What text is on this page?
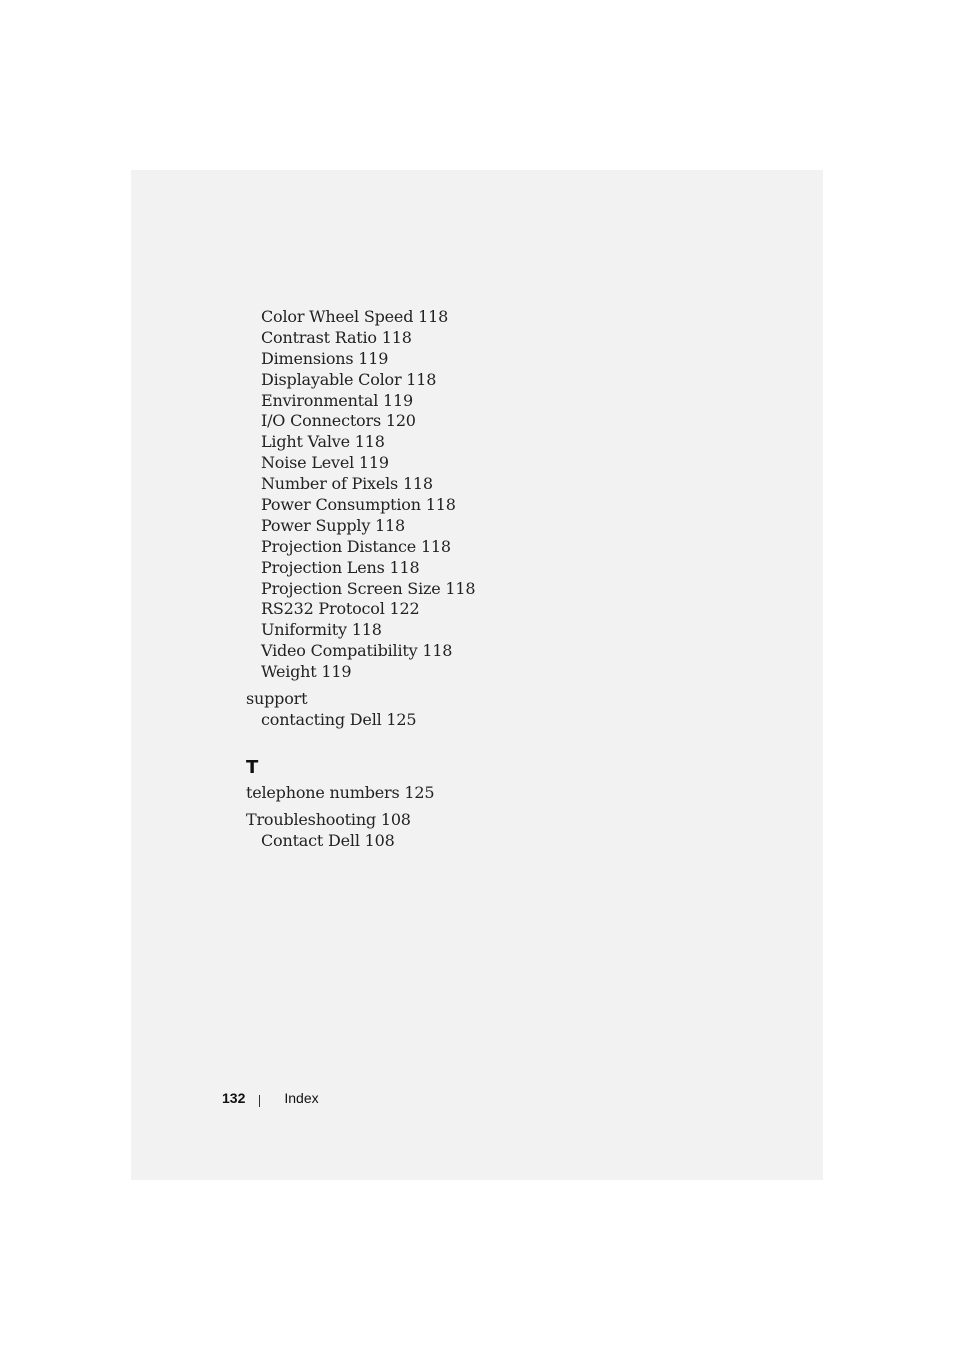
Color Wheel Speed 118
Contrast Ratio 118
Dimensions 119
Displayable Color 118
Environmental 119
I/O Connectors 120
Light Valve 118
Noise Level 119
Number of Pixels 118
Power Consumption 118
Power Supply 118
Projection Distance 118
Projection Lens 118
Projection Screen Size 118
RS232 Protocol 122
Uniformity 118
Video Compatibility 118
Weight 119
support
contacting Dell 125
T
telephone numbers 125
Troubleshooting 108
Contact Dell 108
132	Index
